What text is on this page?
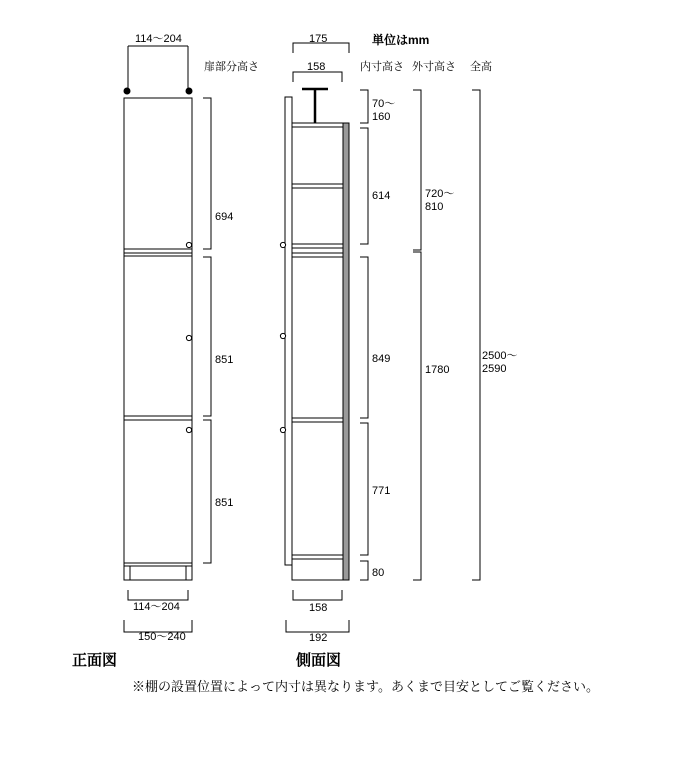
単位はmm
114～204
扉部分高さ
694
851
851
114～204
150～240
175
158
158
192
内寸高さ 外寸高さ 全高
70～
160
614
849
771
80
720～
810
1780
2500～
2590
正面図	側面図
※棚の設置位置によって内寸は異なります。あくまで目安としてご覧ください。
